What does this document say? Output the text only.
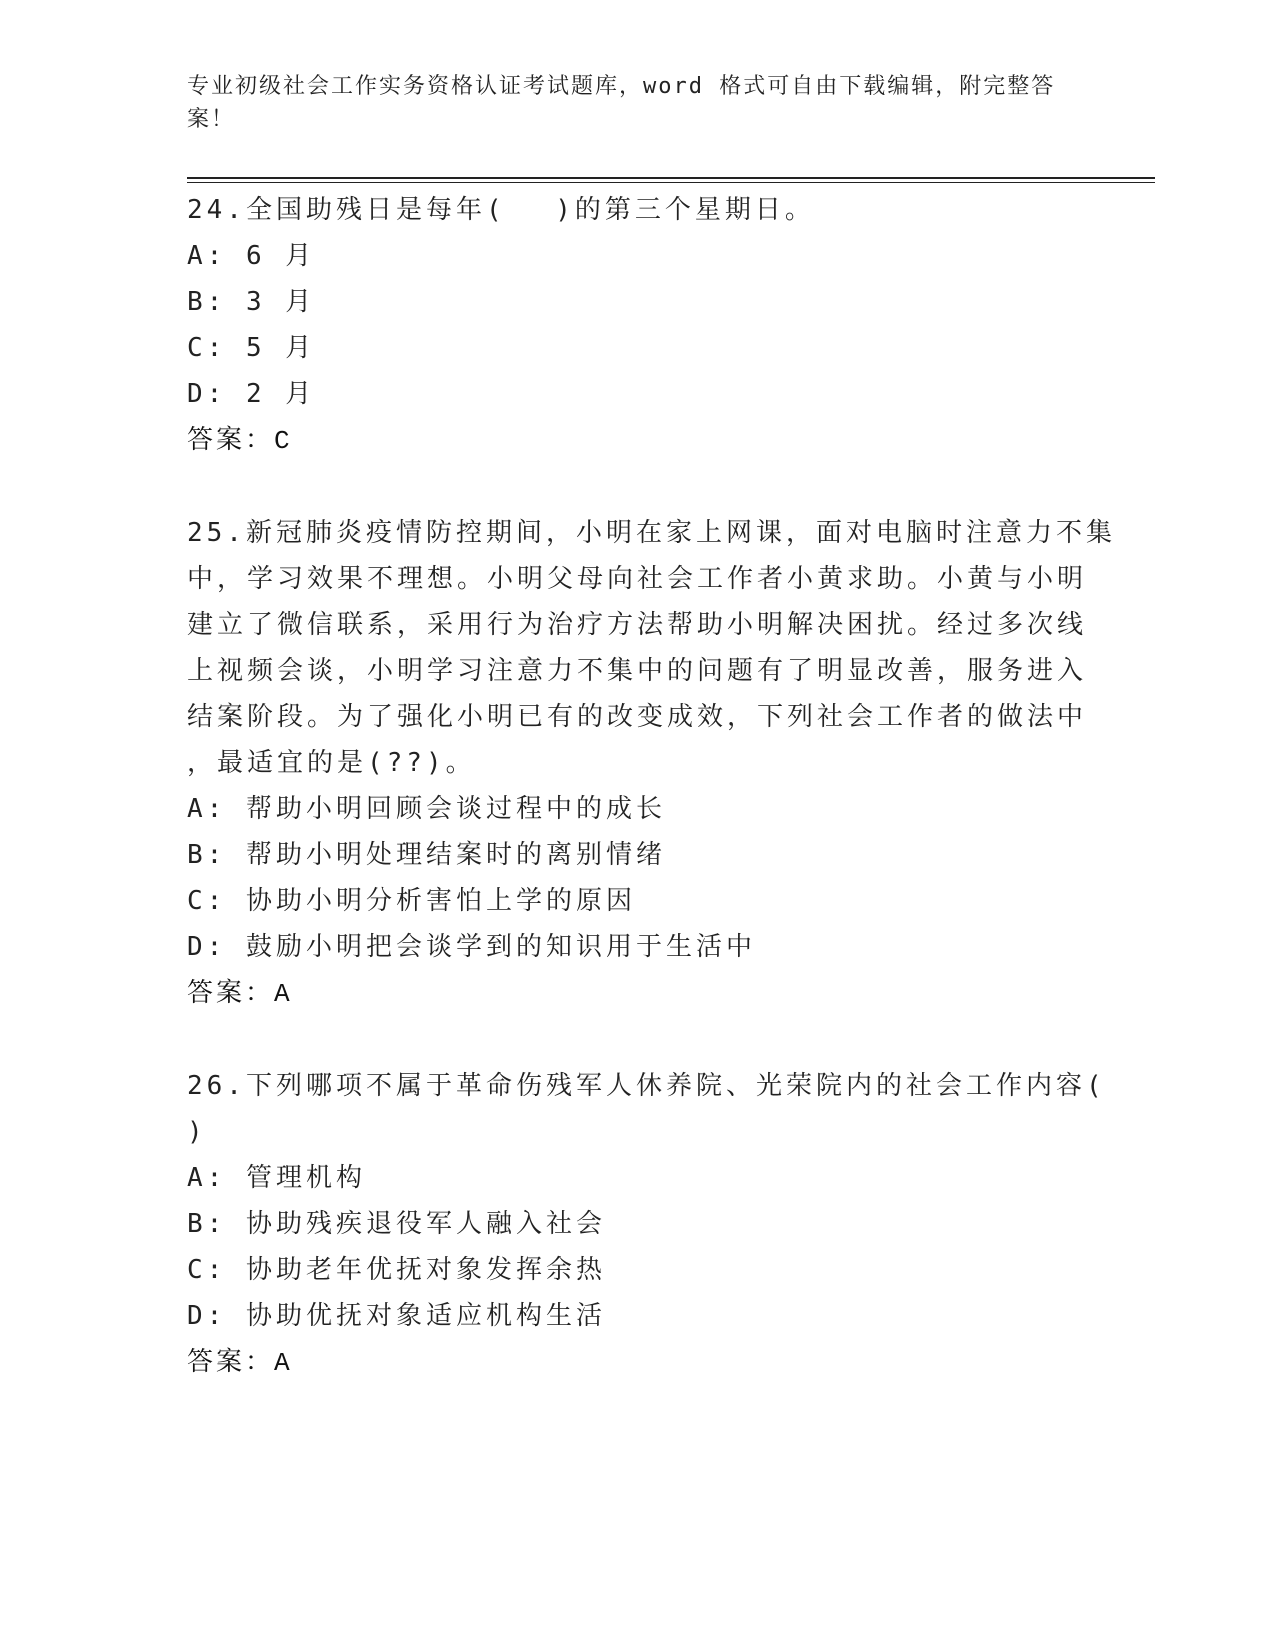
专业初级社会工作实务资格认证考试题库，word 格式可自由下载编辑，附完整答案！
24.全国助残日是每年(　 )的第三个星期日。
A: 6 月
B: 3 月
C: 5 月
D: 2 月
答案：C
25.新冠肺炎疫情防控期间，小明在家上网课，面对电脑时注意力不集
中，学习效果不理想。小明父母向社会工作者小黄求助。小黄与小明
建立了微信联系，采用行为治疗方法帮助小明解决困扰。经过多次线
上视频会谈，小明学习注意力不集中的问题有了明显改善，服务进入
结案阶段。为了强化小明已有的改变成效，下列社会工作者的做法中
，最适宜的是(??)。
A: 帮助小明回顾会谈过程中的成长
B: 帮助小明处理结案时的离别情绪
C: 协助小明分析害怕上学的原因
D: 鼓励小明把会谈学到的知识用于生活中
答案：A
26.下列哪项不属于革命伤残军人休养院、光荣院内的社会工作内容(
)
A: 管理机构
B: 协助残疾退役军人融入社会
C: 协助老年优抚对象发挥余热
D: 协助优抚对象适应机构生活
答案：A
